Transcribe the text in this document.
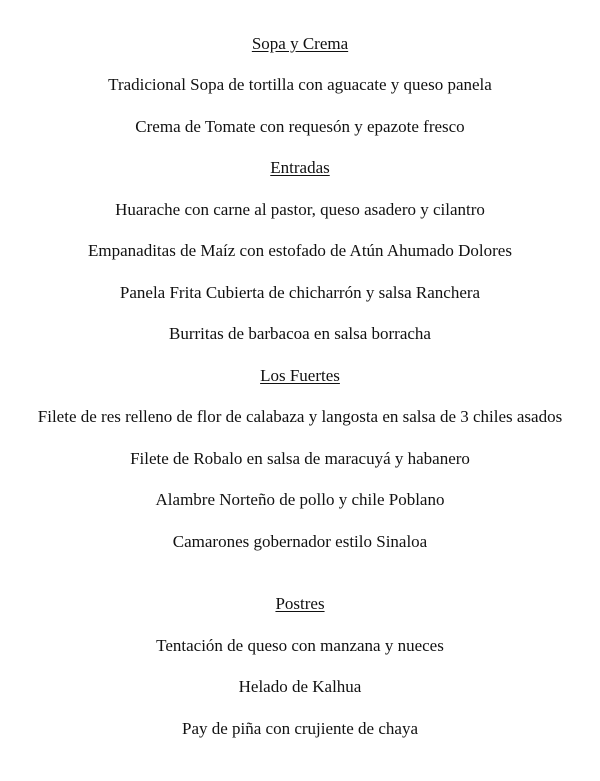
Sopa y Crema
Tradicional Sopa de tortilla con aguacate y queso panela
Crema de Tomate con requesón y epazote fresco
Entradas
Huarache con carne al pastor, queso asadero y cilantro
Empanaditas de Maíz con estofado de Atún Ahumado Dolores
Panela Frita Cubierta de chicharrón y salsa Ranchera
Burritas de barbacoa en salsa borracha
Los Fuertes
Filete de res relleno de flor de calabaza y langosta en salsa de 3 chiles asados
Filete de Robalo en salsa de maracuyá y habanero
Alambre Norteño de pollo y chile Poblano
Camarones gobernador estilo Sinaloa
Postres
Tentación de queso con manzana y nueces
Helado de Kalhua
Pay de piña con crujiente de chaya
